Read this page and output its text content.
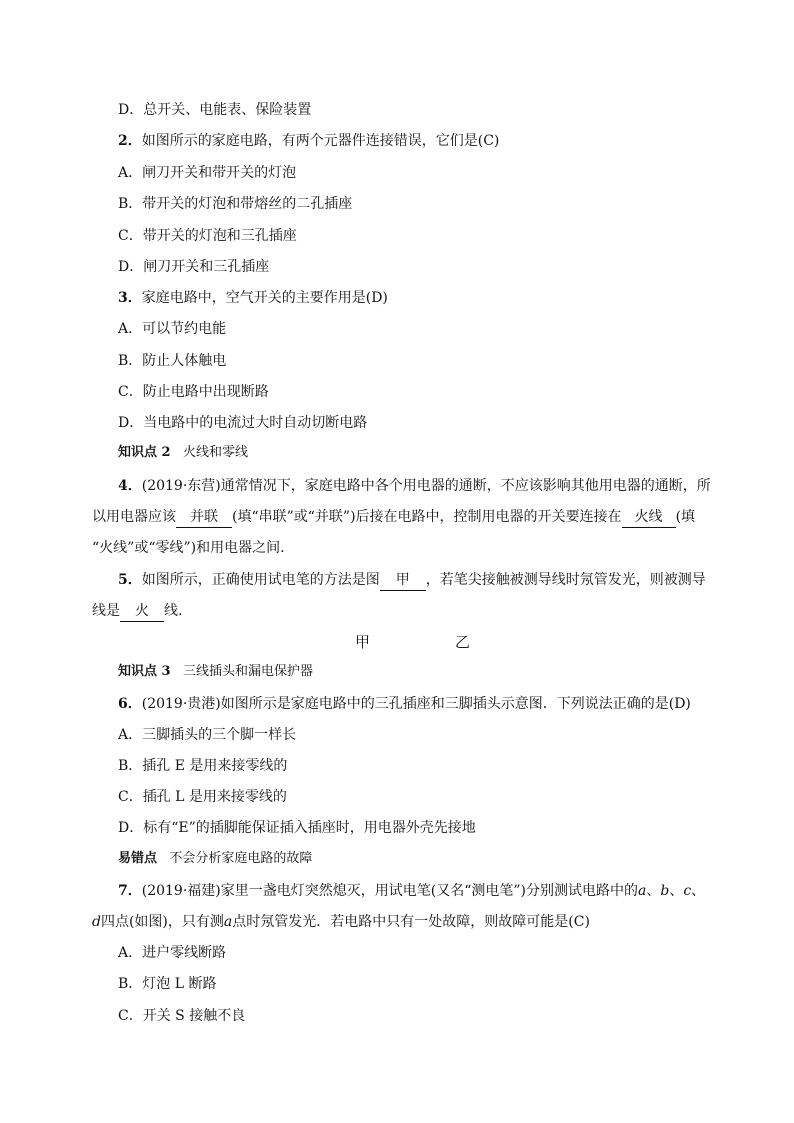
D．总开关、电能表、保险装置
2．如图所示的家庭电路，有两个元器件连接错误，它们是(C)
A．闸刀开关和带开关的灯泡
B．带开关的灯泡和带熔丝的二孔插座
C．带开关的灯泡和三孔插座
D．闸刀开关和三孔插座
3．家庭电路中，空气开关的主要作用是(D)
A．可以节约电能
B．防止人体触电
C．防止电路中出现断路
D．当电路中的电流过大时自动切断电路
知识点 2 火线和零线
4．(2019·东营)通常情况下，家庭电路中各个用电器的通断，不应该影响其他用电器的通断，所
以用电器应该 并联 (填“串联”或“并联”)后接在电路中，控制用电器的开关要连接在 火线 (填
“火线”或“零线”)和用电器之间.
5．如图所示，正确使用试电笔的方法是图 甲 ，若笔尖接触被测导线时氖管发光，则被测导
线是 火 线.
甲	乙
知识点 3 三线插头和漏电保护器
6．(2019·贵港)如图所示是家庭电路中的三孔插座和三脚插头示意图．下列说法正确的是(D)
A．三脚插头的三个脚一样长
B．插孔 E 是用来接零线的
C．插孔 L 是用来接零线的
D．标有“E”的插脚能保证插入插座时，用电器外壳先接地
易错点 不会分析家庭电路的故障
7．(2019·福建)家里一盏电灯突然熄灭，用试电笔(又名“测电笔”)分别测试电路中的a、b、c、
d四点(如图)，只有测a点时氖管发光．若电路中只有一处故障，则故障可能是(C)
A．进户零线断路
B．灯泡 L 断路
C．开关 S 接触不良
